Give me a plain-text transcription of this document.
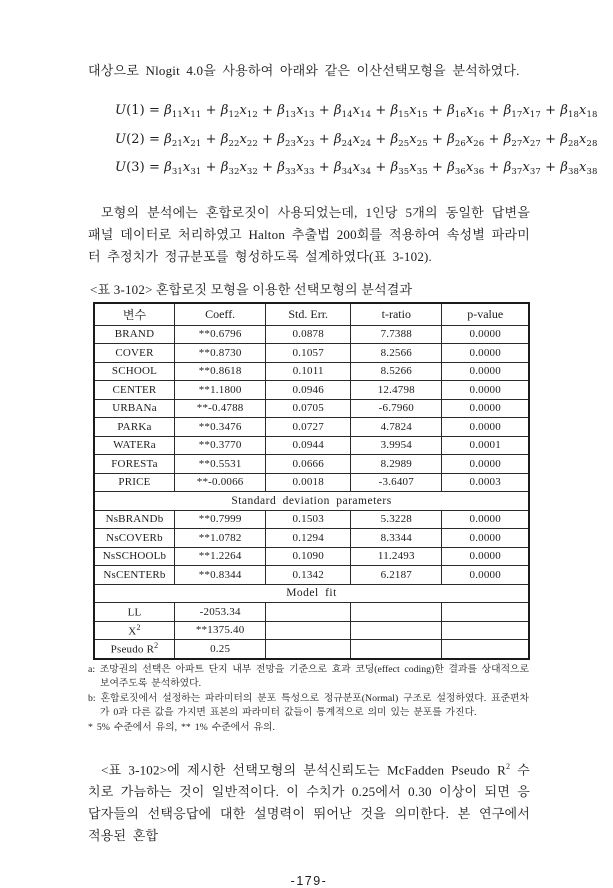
대상으로 Nlogit 4.0을 사용하여 아래와 같은 이산선택모형을 분석하였다.

$U(1) = \beta_{11}x_{11} + \beta_{12}x_{12} + \beta_{13}x_{13} + \beta_{14}x_{14} + \beta_{15}x_{15} + \beta_{16}x_{16} + \beta_{17}x_{17} + \beta_{18}x_{18}$
$U(2) = \beta_{21}x_{21} + \beta_{22}x_{22} + \beta_{23}x_{23} + \beta_{24}x_{24} + \beta_{25}x_{25} + \beta_{26}x_{26} + \beta_{27}x_{27} + \beta_{28}x_{28}$
$U(3) = \beta_{31}x_{31} + \beta_{32}x_{32} + \beta_{33}x_{33} + \beta_{34}x_{34} + \beta_{35}x_{35} + \beta_{36}x_{36} + \beta_{37}x_{37} + \beta_{38}x_{38}$

모형의 분석에는 혼합로짓이 사용되었는데, 1인당 5개의 동일한 답변을 패널 데이터로 처리하였고 Halton 추출법 200회를 적용하여 속성별 파라미터 추정치가 정규분포를 형성하도록 설계하였다(표 3-102).

<표 3-102> 혼합로짓 모형을 이용한 선택모형의 분석결과
변수	Coeff.	Std. Err.	t-ratio	p-value
BRAND	**0.6796	0.0878	7.7388	0.0000
COVER	**0.8730	0.1057	8.2566	0.0000
SCHOOL	**0.8618	0.1011	8.5266	0.0000
CENTER	**1.1800	0.0946	12.4798	0.0000
URBANa	**-0.4788	0.0705	-6.7960	0.0000
PARKa	**0.3476	0.0727	4.7824	0.0000
WATERa	**0.3770	0.0944	3.9954	0.0001
FORESTa	**0.5531	0.0666	8.2989	0.0000
PRICE	**-0.0066	0.0018	-3.6407	0.0003
Standard deviation parameters				
NsBRANDb	**0.7999	0.1503	5.3228	0.0000
NsCOVERb	**1.0782	0.1294	8.3344	0.0000
NsSCHOOLb	**1.2264	0.1090	11.2493	0.0000
NsCENTERb	**0.8344	0.1342	6.2187	0.0000
Model fit				
LL	-2053.34			
$X^2$	**1375.40			
Pseudo $R^2$	0.25			

a: 조망권의 선택은 아파트 단지 내부 전망을 기준으로 효과 코딩(effect coding)한 결과를 상대적으로 보여주도록 분석하였다.

b: 혼합로짓에서 설정하는 파라미터의 분포 특성으로 정규분포(Normal) 구조로 설정하였다. 표준편차가 0과 다른 값을 가지면 표본의 파라미터 값들이 통계적으로 의미 있는 분포를 가진다.

* 5% 수준에서 유의, ** 1% 수준에서 유의.

<표 3-102>에 제시한 선택모형의 분석신뢰도는 McFadden Pseudo $R^2$ 수치로 가늠하는 것이 일반적이다. 이 수치가 0.25에서 0.30 이상이 되면 응답자들의 선택응답에 대한 설명력이 뛰어난 것을 의미한다. 본 연구에서 적용된 혼합

-179-
